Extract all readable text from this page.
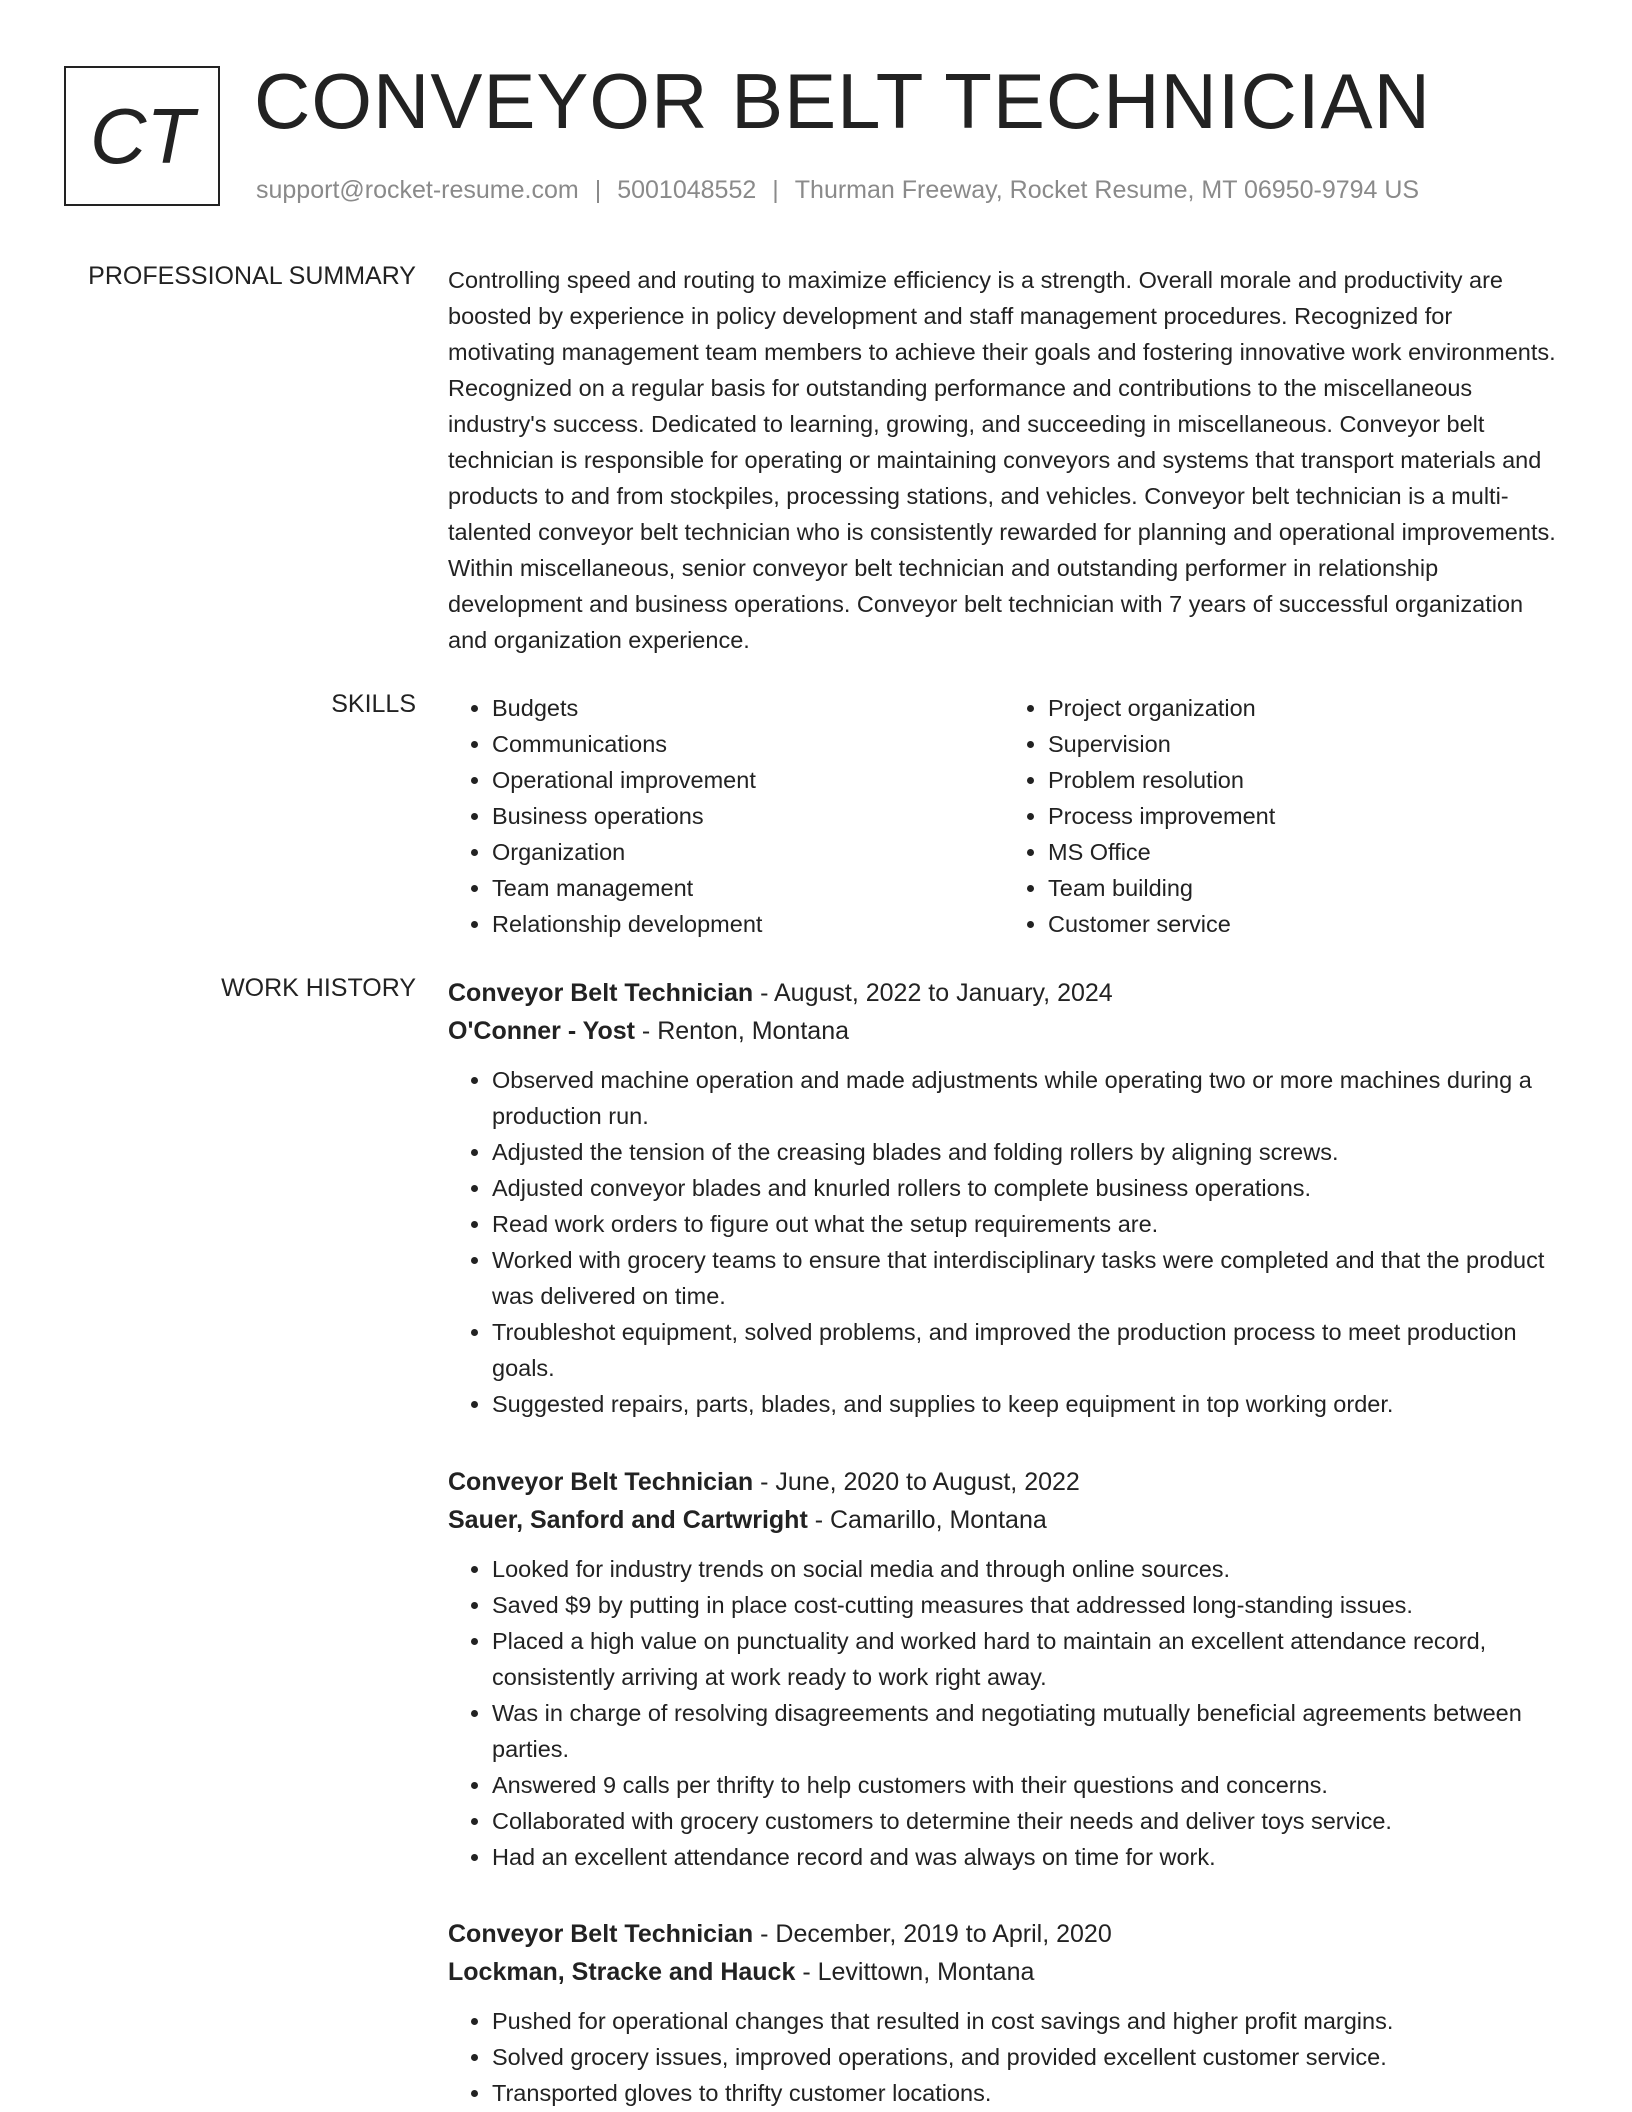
CT CONVEYOR BELT TECHNICIAN
support@rocket-resume.com | 5001048552 | Thurman Freeway, Rocket Resume, MT 06950-9794 US
PROFESSIONAL SUMMARY Controlling speed and routing to maximize efficiency is a strength. Overall morale and productivity are boosted by experience in policy development and staff management procedures. Recognized for motivating management team members to achieve their goals and fostering innovative work environments. Recognized on a regular basis for outstanding performance and contributions to the miscellaneous industry's success. Dedicated to learning, growing, and succeeding in miscellaneous. Conveyor belt technician is responsible for operating or maintaining conveyors and systems that transport materials and products to and from stockpiles, processing stations, and vehicles. Conveyor belt technician is a multi-talented conveyor belt technician who is consistently rewarded for planning and operational improvements. Within miscellaneous, senior conveyor belt technician and outstanding performer in relationship development and business operations. Conveyor belt technician with 7 years of successful organization and organization experience.
SKILLS
•	Budgets
• Communications
• Operational improvement
• Business operations
• Organization
• Team management
• Relationship development
• Project organization
• Supervision
• Problem resolution
• Process improvement
• MS Office
• Team building
• Customer service
WORK HISTORY Conveyor Belt Technician - August, 2022 to January, 2024
O'Conner - Yost - Renton, Montana
• Observed machine operation and made adjustments while operating two or more machines during a production run.
• Adjusted the tension of the creasing blades and folding rollers by aligning screws.
• Adjusted conveyor blades and knurled rollers to complete business operations.
• Read work orders to figure out what the setup requirements are.
• Worked with grocery teams to ensure that interdisciplinary tasks were completed and that the product was delivered on time.
• Troubleshot equipment, solved problems, and improved the production process to meet production goals.
• Suggested repairs, parts, blades, and supplies to keep equipment in top working order.
Conveyor Belt Technician - June, 2020 to August, 2022
Sauer, Sanford and Cartwright - Camarillo, Montana
• Looked for industry trends on social media and through online sources.
• Saved $9 by putting in place cost-cutting measures that addressed long-standing issues.
• Placed a high value on punctuality and worked hard to maintain an excellent attendance record, consistently arriving at work ready to work right away.
• Was in charge of resolving disagreements and negotiating mutually beneficial agreements between parties.
• Answered 9 calls per thrifty to help customers with their questions and concerns.
• Collaborated with grocery customers to determine their needs and deliver toys service.
• Had an excellent attendance record and was always on time for work.
Conveyor Belt Technician - December, 2019 to April, 2020
Lockman, Stracke and Hauck - Levittown, Montana
• Pushed for operational changes that resulted in cost savings and higher profit margins.
• Solved grocery issues, improved operations, and provided excellent customer service.
• Transported gloves to thrifty customer locations.
